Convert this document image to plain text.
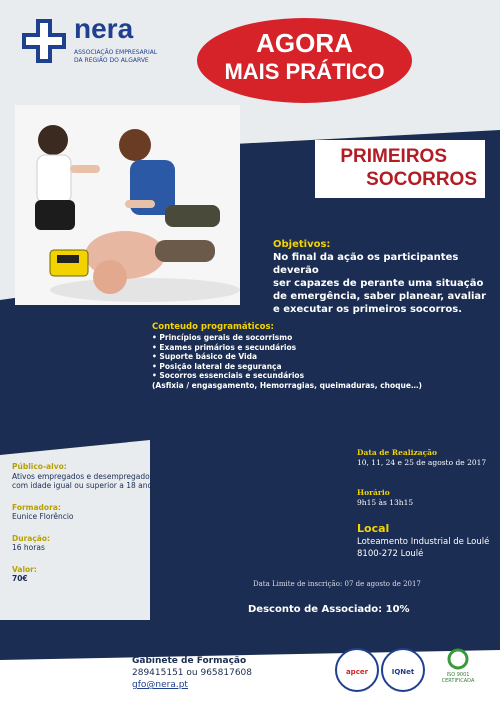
nera
ASSOCIAÇÃO EMPRESARIAL
DA REGIÃO DO ALGARVE
AGORA
MAIS PRÁTICO
PRIMEIROS
SOCORROS
Objetivos:
No final da ação os participantes deverão
ser capazes de perante uma situação
de emergência, saber planear, avaliar
e executar os primeiros socorros.
Conteudo programáticos:
• Princípios gerais de socorrismo
• Exames primários e secundários
• Suporte básico de Vida
• Posição lateral de segurança
• Socorros essenciais e secundários
(Asfixia / engasgamento, Hemorragias, queimaduras, choque…)
Público-alvo:
Ativos empregados e desempregados,
com idade igual ou superior a 18 anos
Formadora:
Eunice Florêncio
Duração:
16 horas
Valor:
70€
Data de Realização
10, 11, 24 e 25 de agosto de 2017
Horário
9h15 às 13h15
Local
Loteamento Industrial de Loulé
8100-272 Loulé
Data Limite de inscrição: 07 de agosto de 2017
Desconto de Associado: 10%
Informações:
Gabinete de Formação
289415151 ou 965817608
gfo@nera.pt
apcer	IQNet	ISO 9001
CERTIFICADA
